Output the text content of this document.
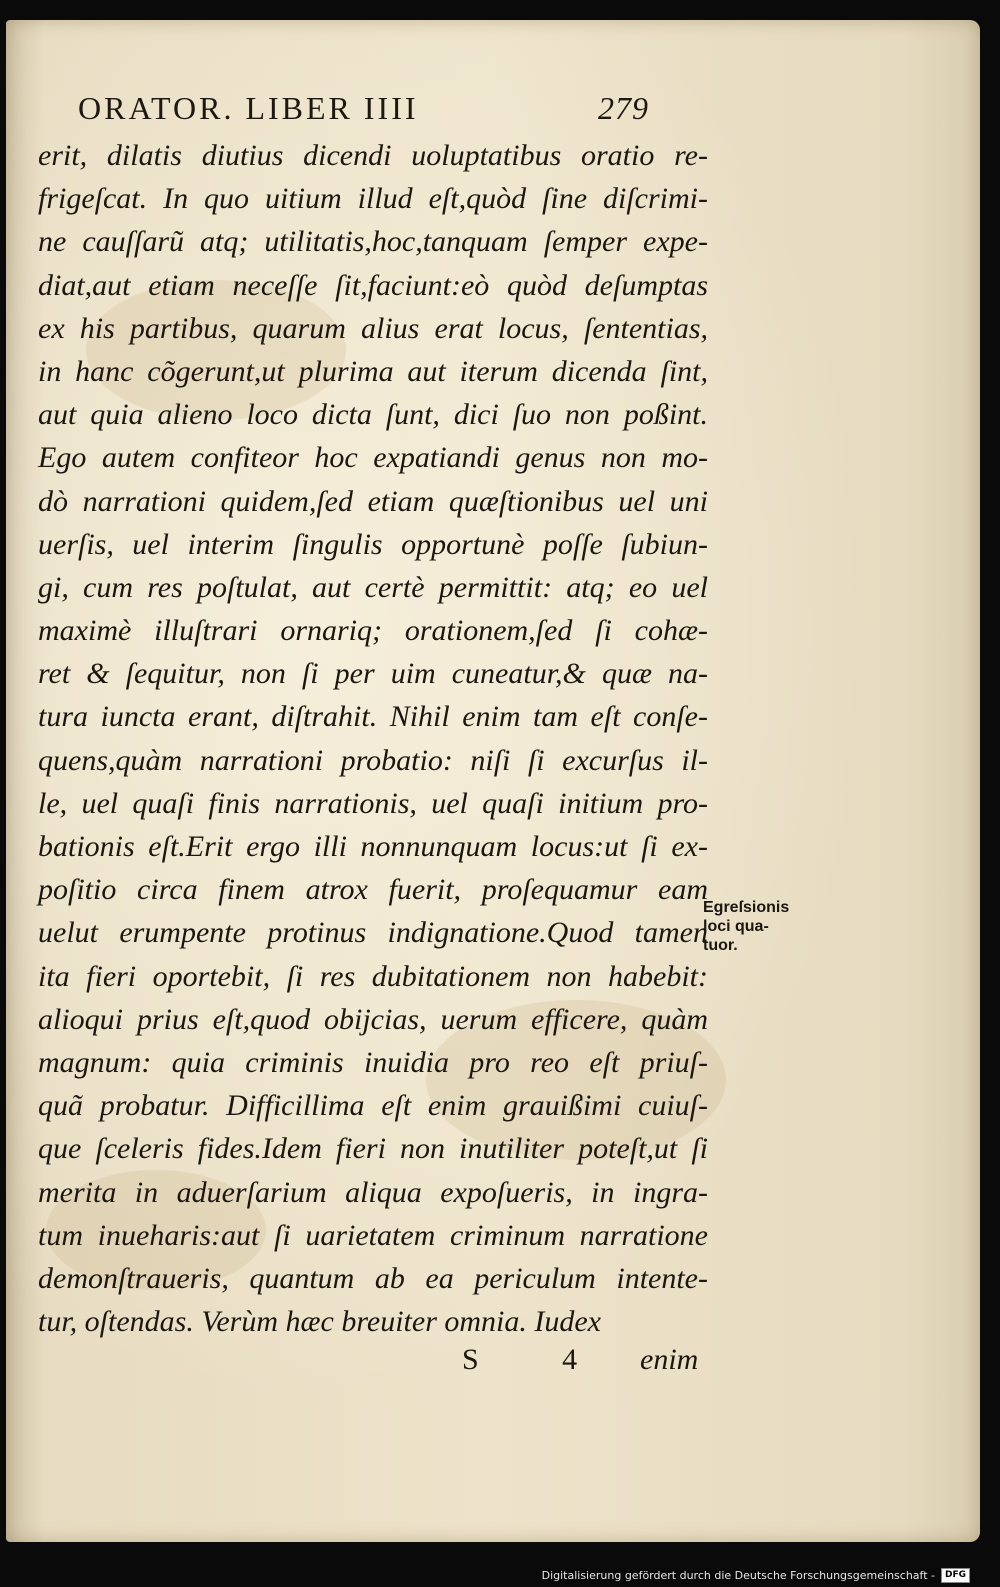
ORATOR. LIBER IIII	279
erit, dilatis diutius dicendi uoluptatibus oratio re-
frigeſcat. In quo uitium illud eſt,quòd ſine diſcrimi-
ne cauſſarũ atq; utilitatis,hoc,tanquam ſemper expe-
diat,aut etiam neceſſe ſit,faciunt:eò quòd deſumptas
ex his partibus, quarum alius erat locus, ſententias,
in hanc cõgerunt,ut plurima aut iterum dicenda ſint,
aut quia alieno loco dicta ſunt, dici ſuo non poßint.
Ego autem confiteor hoc expatiandi genus non mo-
dò narrationi quidem,ſed etiam quæſtionibus uel uni
uerſis, uel interim ſingulis opportunè poſſe ſubiun-
gi, cum res poſtulat, aut certè permittit: atq; eo uel
maximè illuſtrari ornariq; orationem,ſed ſi cohæ-
ret & ſequitur, non ſi per uim cuneatur,& quæ na-
tura iuncta erant, diſtrahit. Nihil enim tam eſt conſe-
quens,quàm narrationi probatio: niſi ſi excurſus il-
le, uel quaſi finis narrationis, uel quaſi initium pro-
bationis eſt.Erit ergo illi nonnunquam locus:ut ſi ex-
poſitio circa finem atrox fuerit, proſequamur eam
uelut erumpente protinus indignatione.Quod tamen
ita fieri oportebit, ſi res dubitationem non habebit:
alioqui prius eſt,quod obijcias, uerum efficere, quàm
magnum: quia criminis inuidia pro reo eſt priuſ-
quã probatur. Difficillima eſt enim grauißimi cuiuſ-
que ſceleris fides.Idem fieri non inutiliter poteſt,ut ſi
merita in aduerſarium aliqua expoſueris, in ingra-
tum inueharis:aut ſi uarietatem criminum narratione
demonſtraueris, quantum ab ea periculum intente-
tur, oſtendas. Verùm hæc breuiter omnia. Iudex
Egreſsionis
loci qua-
tuor.
S 4 enim
Digitalisierung gefördert durch die Deutsche Forschungsgemeinschaft -	DFG
